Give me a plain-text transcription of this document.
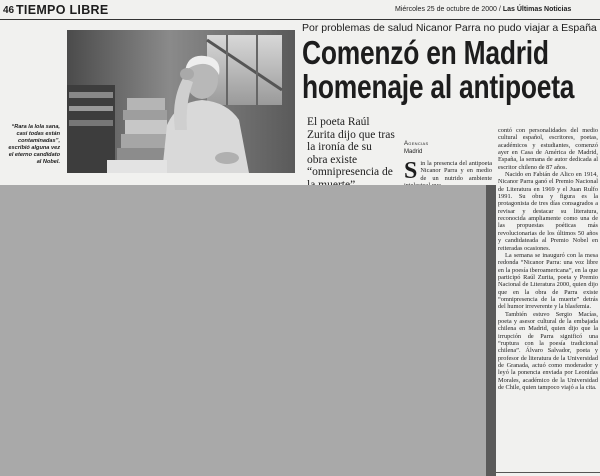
46 TIEMPO LIBRE	Miércoles 25 de octubre de 2000 / Las Últimas Noticias
“Rara la lola sana, casi todas están contaminadas”, escribió alguna vez el eterno candidato al Nobel.
Por problemas de salud Nicanor Parra no pudo viajar a España
Comenzó en Madrid
homenaje al antipoeta
El poeta Raúl Zurita dijo que tras la ironía de su obra existe “omnipresencia de
Agencias
Madrid
S in la presencia del antipoeta Nicanor Parra y en medio de un nutrido ambiente

contó con personalidades del medio cultural español, escritores, poetas, académicos y estudiantes, comenzó ayer en Casa de América de Madrid, España, la semana de autor dedicada al escritor chileno de 87 años.

Nacido en Fabián de Alico en 1914, Nicanor Parra ganó el Premio Nacional de Literatura en 1969 y el Juan Rulfo 1991. Su obra y figura es la protagonista de tres días consagrados a revisar y destacar su literatura, reconocida ampliamente como una de las propuestas poéticas más revolucionarias de los últimos 50 años y candidateada al Premio Nobel en reiteradas ocasiones.

La semana se inauguró con la mesa redonda “Nicanor Parra: una voz libre en la poesía iberoamericana”, en la que participó Raúl Zurita, poeta y Premio Nacional de Literatura 2000, quien dijo que en la obra de Parra existe “omnipresencia de la muerte” detrás del humor irreverente y la blasfemia.

También estuvo Sergio Macías, poeta y asesor cultural de la embajada chilena en Madrid, quien dijo que la irrupción de Parra significó una “ruptura con la poesía tradicional chilena”. Álvaro Salvador, poeta y profesor de literatura de la Universidad de Granada, actuó como moderador y leyó la ponencia enviada por Leonidas Morales, académico de la Universidad de Chile, quien tampoco viajó a la cita.
